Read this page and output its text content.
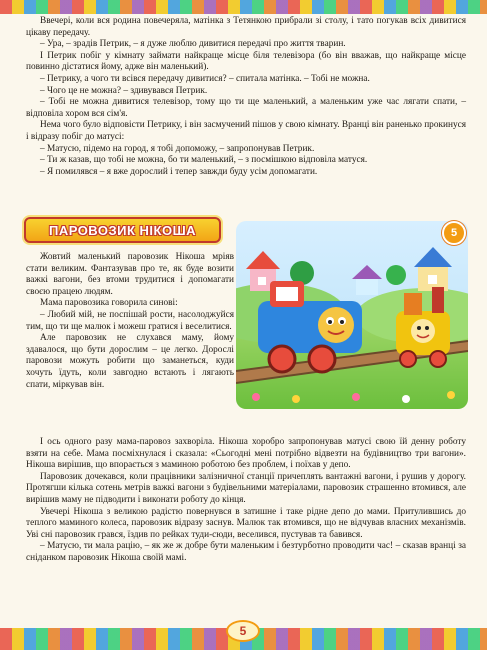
Ввечері, коли вся родина повечеряла, матінка з Тетянкою прибрали зі столу, і тато погукав всіх дивитися цікаву передачу.

– Ура, – зрадів Петрик, – я дуже люблю дивитися передачі про життя тварин.

І Петрик побіг у кімнату займати найкраще місце біля телевізора (бо він вважав, що найкраще місце повинно дістатися йому, адже він маленький).

– Петрику, а чого ти всівся передачу дивитися? – спитала матінка. – Тобі не можна.

– Чого це не можна? – здивувався Петрик.

– Тобі не можна дивитися телевізор, тому що ти ще маленький, а маленьким уже час лягати спати, – відповіла хором вся сім'я.

Нема чого було відповісти Петрику, і він засмучений пішов у свою кімнату. Вранці він раненько прокинуся і відразу побіг до матусі:

– Матусю, підемо на город, я тобі допоможу, – запропонував Петрик.

– Ти ж казав, що тобі не можна, бо ти маленький, – з посмішкою відповіла матуся.

– Я помилявся – я вже дорослий і тепер завжди буду усім допомагати.

ПАРОВОЗИК НІКОША

Жовтий маленький паровозик Нікоша мріяв стати великим. Фантазував про те, як буде возити важкі вагони, без втоми трудитися і допомагати своєю працею людям.

Мама паровозика говорила синові:

– Любий мій, не поспішай рости, насолоджуйся тим, що ти ще малюк і можеш гратися і веселитися.

Але паровозик не слухався маму, йому здавалося, що бути дорослим – це легко. Дорослі паровози можуть робити що заманеться, куди хочуть їдуть, коли завгодно встають і лягають спати, міркував він.

5

І ось одного разу мама-паровоз захворіла. Нікоша хоробро запропонував матусі свою їй денну роботу взяти на себе. Мама посміхнулася і сказала: «Сьогодні мені потрібно відвезти на будівництво три вагони». Нікоша вирішив, що впорається з маминою роботою без проблем, і поїхав у депо.

Паровозик дочекався, коли працівники залізничної станції причеплять вантажні вагони, і рушив у дорогу. Протягши кілька сотень метрів важкі вагони з будівельними матеріалами, паровозик страшенно втомився, але вирішив маму не підводити і виконати роботу до кінця.

Увечері Нікоша з великою радістю повернувся в затишне і таке рідне депо до мами. Притулившись до теплого маминого колеса, паровозик відразу заснув. Малюк так втомився, що не відчував власних механізмів. Уві сні паровозик грався, їздив по рейках туди-сюди, веселився, пустував та бавився.

– Матусю, ти мала рацію, – як же ж добре бути маленьким і безтурботно проводити час! – сказав вранці за сніданком паровозик Нікоша своїй мамі.

5
